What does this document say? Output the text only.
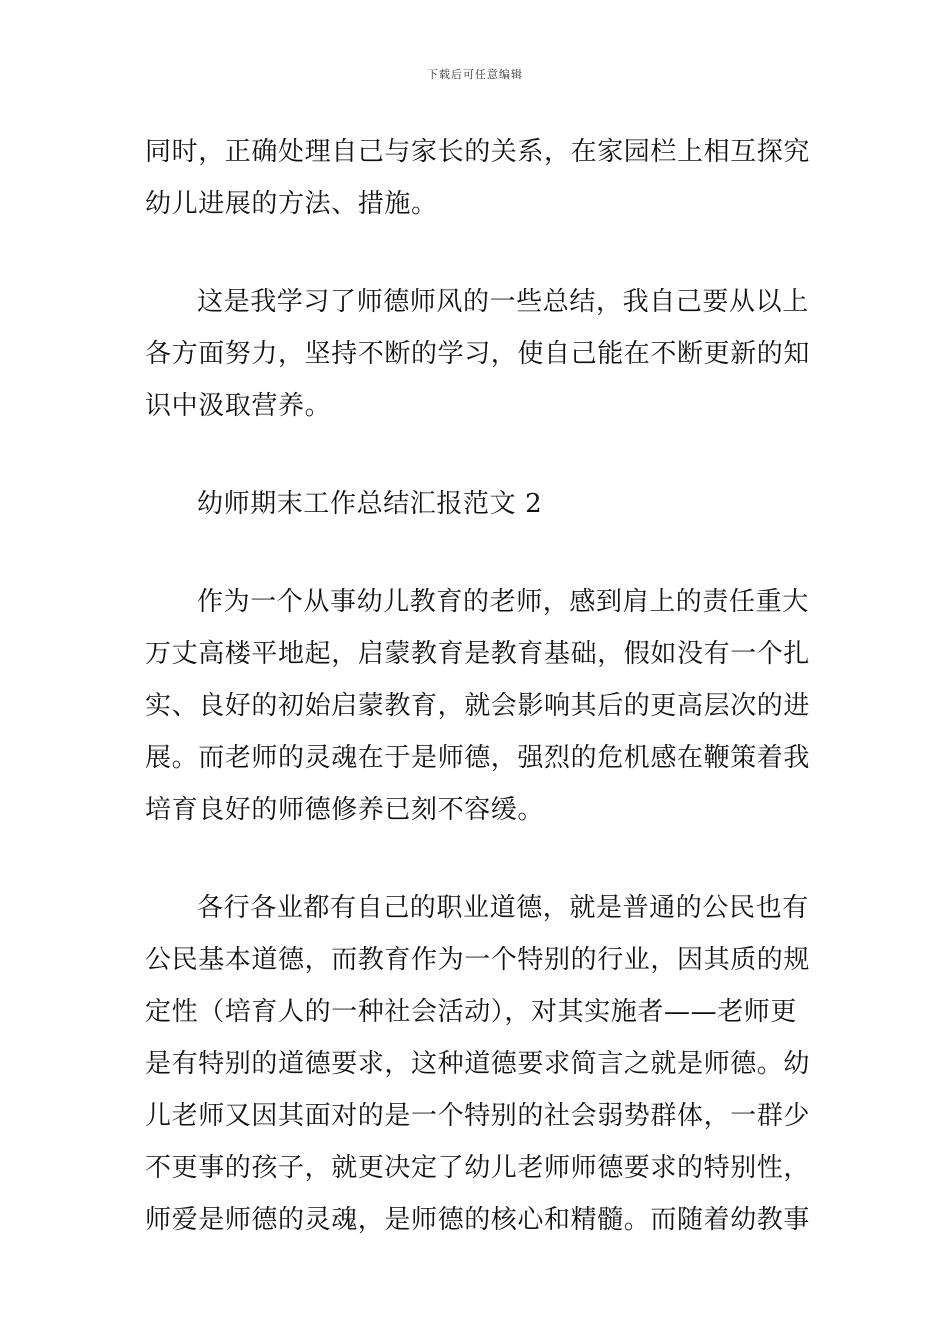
下载后可任意编辑
同时，正确处理自己与家长的关系，在家园栏上相互探究
幼儿进展的方法、措施。
这是我学习了师德师风的一些总结，我自己要从以上
各方面努力，坚持不断的学习，使自己能在不断更新的知
识中汲取营养。
幼师期末工作总结汇报范文 2
作为一个从事幼儿教育的老师，感到肩上的责任重大
万丈高楼平地起，启蒙教育是教育基础，假如没有一个扎
实、良好的初始启蒙教育，就会影响其后的更高层次的进
展。而老师的灵魂在于是师德，强烈的危机感在鞭策着我
培育良好的师德修养已刻不容缓。
各行各业都有自己的职业道德，就是普通的公民也有
公民基本道德，而教育作为一个特别的行业，因其质的规
定性（培育人的一种社会活动），对其实施者——老师更
是有特别的道德要求，这种道德要求简言之就是师德。幼
儿老师又因其面对的是一个特别的社会弱势群体，一群少
不更事的孩子，就更决定了幼儿老师师德要求的特别性，
师爱是师德的灵魂，是师德的核心和精髓。而随着幼教事
